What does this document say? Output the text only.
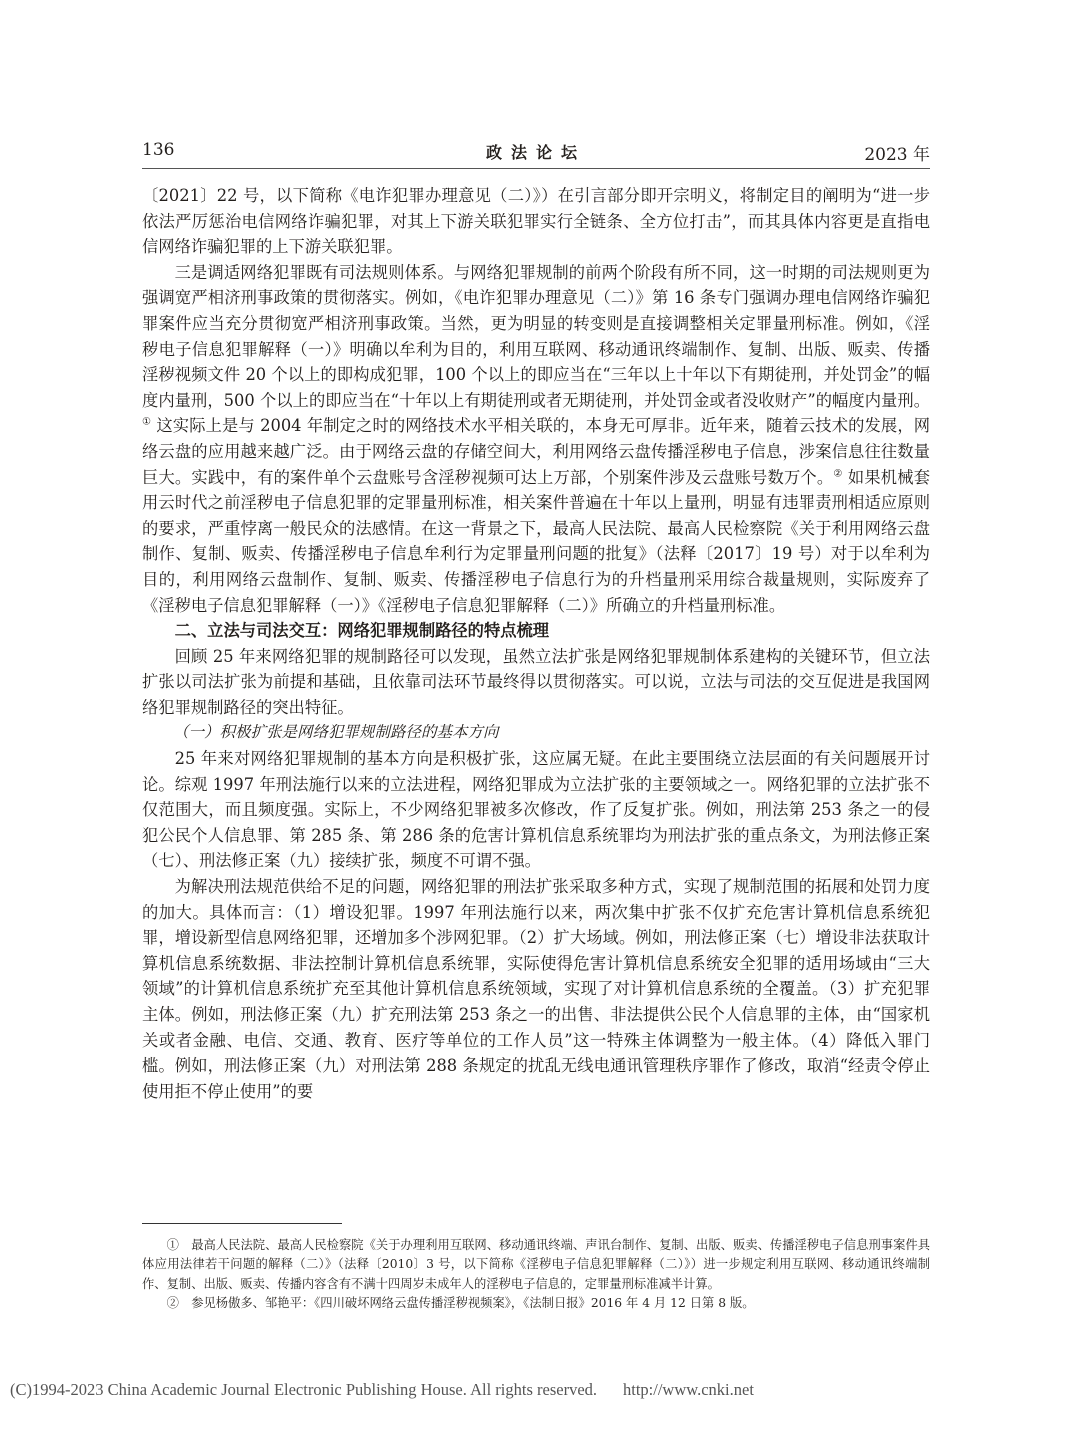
136	政法论坛	2023 年

〔2021〕22 号，以下简称《电诈犯罪办理意见（二）》）在引言部分即开宗明义，将制定目的阐明为“进一步依法严厉惩治电信网络诈骗犯罪，对其上下游关联犯罪实行全链条、全方位打击”，而其具体内容更是直指电信网络诈骗犯罪的上下游关联犯罪。

三是调适网络犯罪既有司法规则体系。与网络犯罪规制的前两个阶段有所不同，这一时期的司法规则更为强调宽严相济刑事政策的贯彻落实。例如，《电诈犯罪办理意见（二）》第 16 条专门强调办理电信网络诈骗犯罪案件应当充分贯彻宽严相济刑事政策。当然，更为明显的转变则是直接调整相关定罪量刑标准。例如，《淫秽电子信息犯罪解释（一）》明确以牟利为目的，利用互联网、移动通讯终端制作、复制、出版、贩卖、传播淫秽视频文件 20 个以上的即构成犯罪，100 个以上的即应当在“三年以上十年以下有期徒刑，并处罚金”的幅度内量刑，500 个以上的即应当在“十年以上有期徒刑或者无期徒刑，并处罚金或者没收财产”的幅度内量刑。① 这实际上是与 2004 年制定之时的网络技术水平相关联的，本身无可厚非。近年来，随着云技术的发展，网络云盘的应用越来越广泛。由于网络云盘的存储空间大，利用网络云盘传播淫秽电子信息，涉案信息往往数量巨大。实践中，有的案件单个云盘账号含淫秽视频可达上万部，个别案件涉及云盘账号数万个。② 如果机械套用云时代之前淫秽电子信息犯罪的定罪量刑标准，相关案件普遍在十年以上量刑，明显有违罪责刑相适应原则的要求，严重悖离一般民众的法感情。在这一背景之下，最高人民法院、最高人民检察院《关于利用网络云盘制作、复制、贩卖、传播淫秽电子信息牟利行为定罪量刑问题的批复》（法释〔2017〕19 号）对于以牟利为目的，利用网络云盘制作、复制、贩卖、传播淫秽电子信息行为的升档量刑采用综合裁量规则，实际废弃了《淫秽电子信息犯罪解释（一）》《淫秽电子信息犯罪解释（二）》所确立的升档量刑标准。

二、立法与司法交互：网络犯罪规制路径的特点梳理

回顾 25 年来网络犯罪的规制路径可以发现，虽然立法扩张是网络犯罪规制体系建构的关键环节，但立法扩张以司法扩张为前提和基础，且依靠司法环节最终得以贯彻落实。可以说，立法与司法的交互促进是我国网络犯罪规制路径的突出特征。

（一）积极扩张是网络犯罪规制路径的基本方向

25 年来对网络犯罪规制的基本方向是积极扩张，这应属无疑。在此主要围绕立法层面的有关问题展开讨论。综观 1997 年刑法施行以来的立法进程，网络犯罪成为立法扩张的主要领域之一。网络犯罪的立法扩张不仅范围大，而且频度强。实际上，不少网络犯罪被多次修改，作了反复扩张。例如，刑法第 253 条之一的侵犯公民个人信息罪、第 285 条、第 286 条的危害计算机信息系统罪均为刑法扩张的重点条文，为刑法修正案（七）、刑法修正案（九）接续扩张，频度不可谓不强。

为解决刑法规范供给不足的问题，网络犯罪的刑法扩张采取多种方式，实现了规制范围的拓展和处罚力度的加大。具体而言：（1）增设犯罪。1997 年刑法施行以来，两次集中扩张不仅扩充危害计算机信息系统犯罪，增设新型信息网络犯罪，还增加多个涉网犯罪。（2）扩大场域。例如，刑法修正案（七）增设非法获取计算机信息系统数据、非法控制计算机信息系统罪，实际使得危害计算机信息系统安全犯罪的适用场域由“三大领域”的计算机信息系统扩充至其他计算机信息系统领域，实现了对计算机信息系统的全覆盖。（3）扩充犯罪主体。例如，刑法修正案（九）扩充刑法第 253 条之一的出售、非法提供公民个人信息罪的主体，由“国家机关或者金融、电信、交通、教育、医疗等单位的工作人员”这一特殊主体调整为一般主体。（4）降低入罪门槛。例如，刑法修正案（九）对刑法第 288 条规定的扰乱无线电通讯管理秩序罪作了修改，取消“经责令停止使用拒不停止使用”的要

①　最高人民法院、最高人民检察院《关于办理利用互联网、移动通讯终端、声讯台制作、复制、出版、贩卖、传播淫秽电子信息刑事案件具体应用法律若干问题的解释（二）》（法释〔2010〕3 号，以下简称《淫秽电子信息犯罪解释（二）》）进一步规定利用互联网、移动通讯终端制作、复制、出版、贩卖、传播内容含有不满十四周岁未成年人的淫秽电子信息的，定罪量刑标准减半计算。

②　参见杨傲多、邹艳平：《四川破坏网络云盘传播淫秽视频案》，《法制日报》2016 年 4 月 12 日第 8 版。

(C)1994-2023 China Academic Journal Electronic Publishing House. All rights reserved. http://www.cnki.net
